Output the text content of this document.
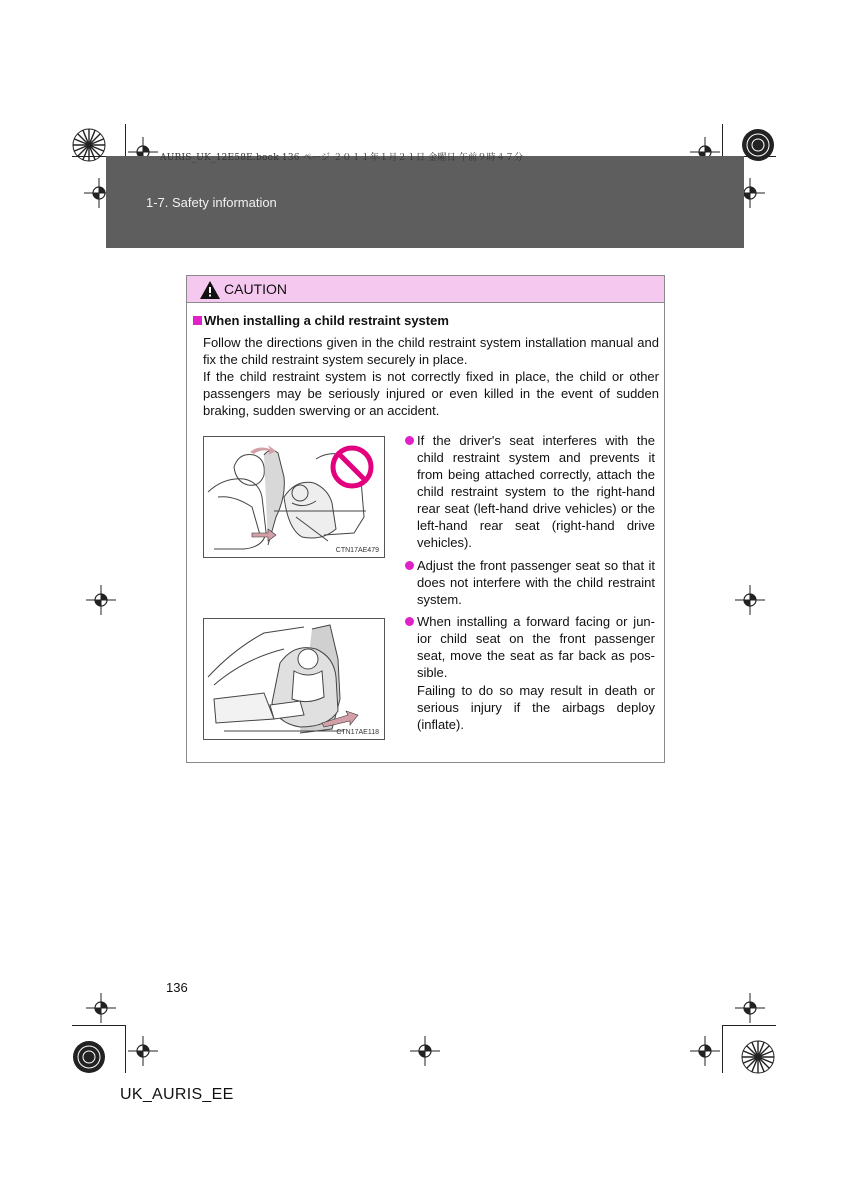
AURIS_UK_12E58E.book 136 ページ ２０１１年１月２１日 金曜日 午前９時４７分
1-7. Safety information
CAUTION
When installing a child restraint system
Follow the directions given in the child restraint system installation manual and fix the child restraint system securely in place.
If the child restraint system is not correctly fixed in place, the child or other passengers may be seriously injured or even killed in the event of sudden braking, sudden swerving or an accident.
CTN17AE479
CTN17AE118
If the driver's seat interferes with the child restraint system and prevents it from being attached correctly, attach the child restraint system to the right-hand rear seat (left-hand drive vehicles) or the left-hand rear seat (right-hand drive vehicles).
Adjust the front passenger seat so that it does not interfere with the child restraint system.
When installing a forward facing or jun-ior child seat on the front passenger seat, move the seat as far back as pos-sible.
Failing to do so may result in death or serious injury if the airbags deploy (inflate).
136
UK_AURIS_EE
